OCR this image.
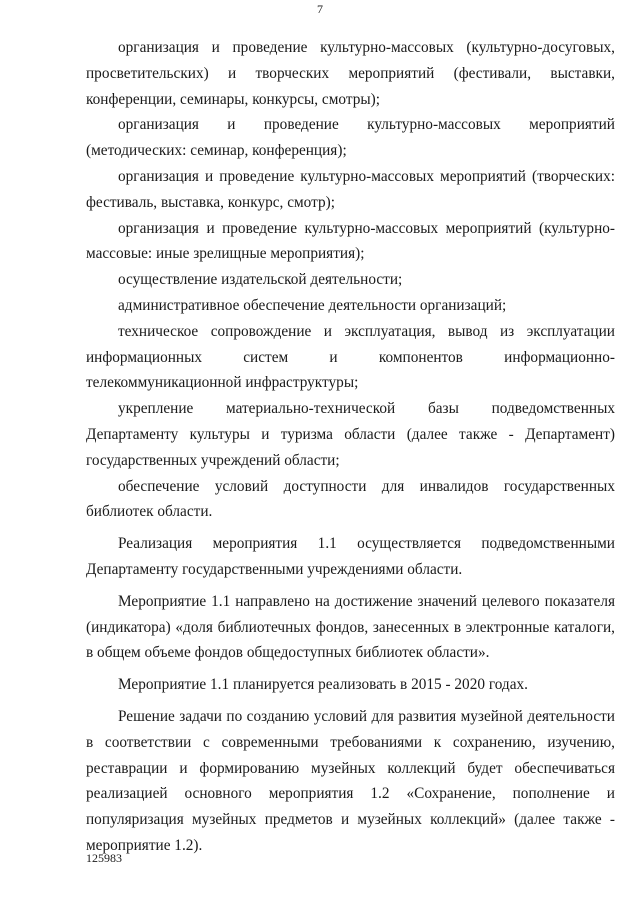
7

организация и проведение культурно-массовых (культурно-досуговых, просветительских) и творческих мероприятий (фестивали, выставки, конференции, семинары, конкурсы, смотры);

организация и проведение культурно-массовых мероприятий (методических: семинар, конференция);

организация и проведение культурно-массовых мероприятий (творческих: фестиваль, выставка, конкурс, смотр);

организация и проведение культурно-массовых мероприятий (культурно-массовые: иные зрелищные мероприятия);

осуществление издательской деятельности;

административное обеспечение деятельности организаций;

техническое сопровождение и эксплуатация, вывод из эксплуатации информационных систем и компонентов информационно-телекоммуникационной инфраструктуры;

укрепление материально-технической базы подведомственных Департаменту культуры и туризма области (далее также - Департамент) государственных учреждений области;

обеспечение условий доступности для инвалидов государственных библиотек области.

Реализация мероприятия 1.1 осуществляется подведомственными Департаменту государственными учреждениями области.

Мероприятие 1.1 направлено на достижение значений целевого показателя (индикатора) «доля библиотечных фондов, занесенных в электронные каталоги, в общем объеме фондов общедоступных библиотек области».

Мероприятие 1.1 планируется реализовать в 2015 - 2020 годах.

Решение задачи по созданию условий для развития музейной деятельности в соответствии с современными требованиями к сохранению, изучению, реставрации и формированию музейных коллекций будет обеспечиваться реализацией основного мероприятия 1.2 «Сохранение, пополнение и популяризация музейных предметов и музейных коллекций» (далее также - мероприятие 1.2).

125983
